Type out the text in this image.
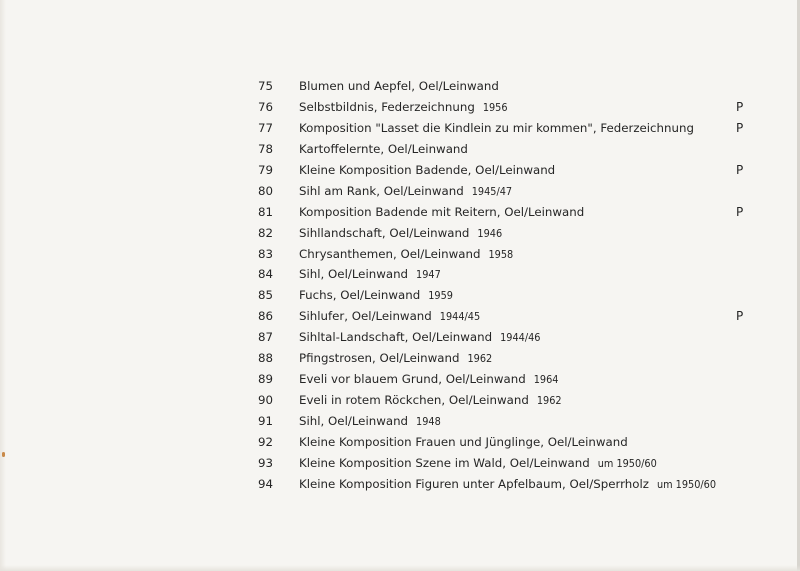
75	Blumen und Aepfel, Oel/Leinwand
76	Selbstbildnis, Federzeichnung 1956	P
77	Komposition "Lasset die Kindlein zu mir kommen", Federzeichnung	P
78	Kartoffelernte, Oel/Leinwand
79	Kleine Komposition Badende, Oel/Leinwand	P
80	Sihl am Rank, Oel/Leinwand 1945/47
81	Komposition Badende mit Reitern, Oel/Leinwand	P
82	Sihllandschaft, Oel/Leinwand 1946
83	Chrysanthemen, Oel/Leinwand 1958
84	Sihl, Oel/Leinwand 1947
85	Fuchs, Oel/Leinwand 1959
86	Sihlufer, Oel/Leinwand 1944/45	P
87	Sihltal-Landschaft, Oel/Leinwand 1944/46
88	Pfingstrosen, Oel/Leinwand 1962
89	Eveli vor blauem Grund, Oel/Leinwand 1964
90	Eveli in rotem Röckchen, Oel/Leinwand 1962
91	Sihl, Oel/Leinwand 1948
92	Kleine Komposition Frauen und Jünglinge, Oel/Leinwand
93	Kleine Komposition Szene im Wald, Oel/Leinwand um 1950/60
94	Kleine Komposition Figuren unter Apfelbaum, Oel/Sperrholz um 1950/60
